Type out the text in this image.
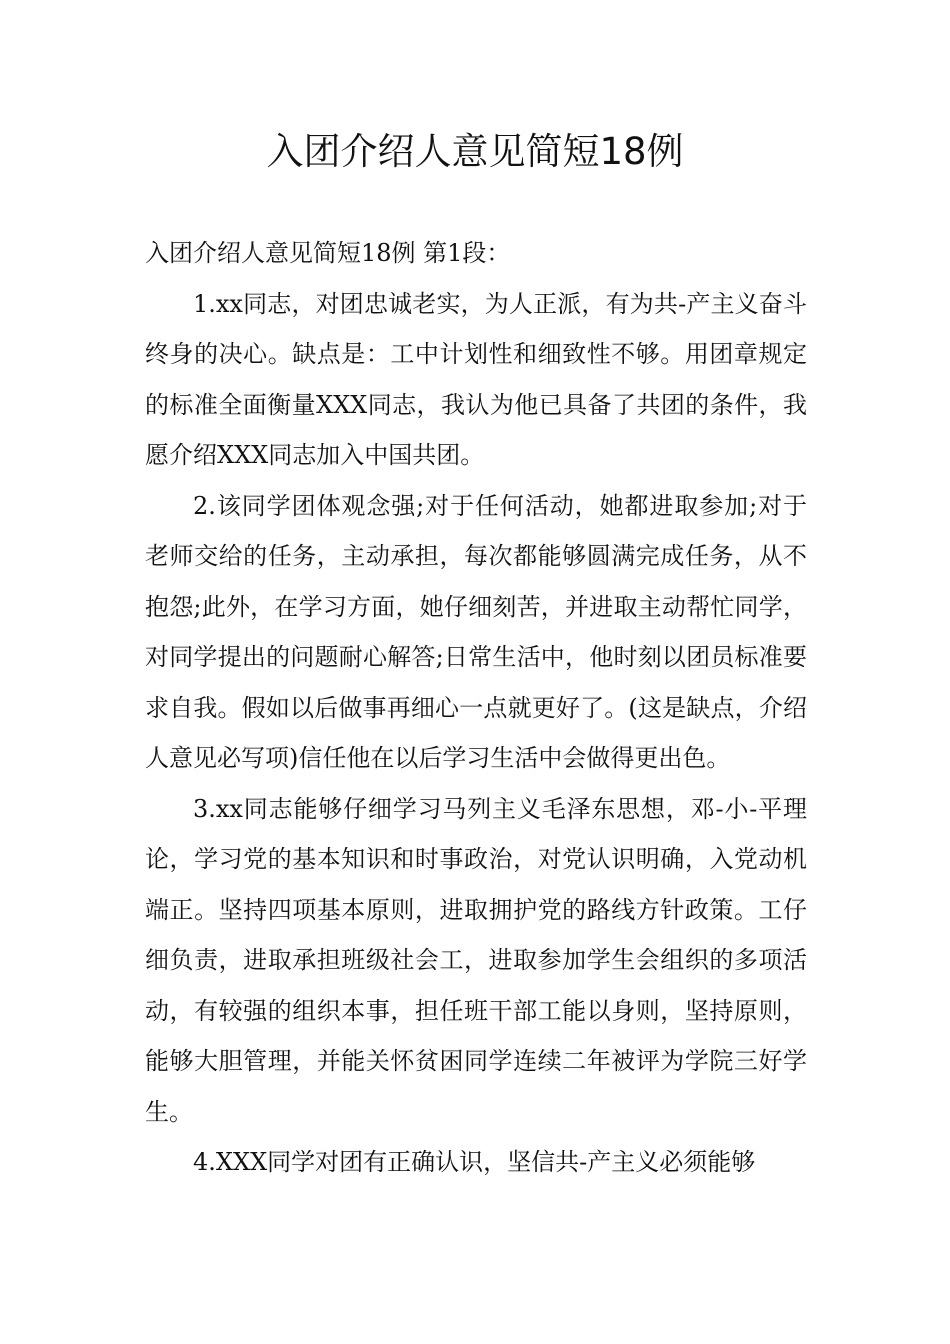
入团介绍人意见简短18例

入团介绍人意见简短18例 第1段：

1.xx同志，对团忠诚老实，为人正派，有为共-产主义奋斗终身的决心。缺点是：工中计划性和细致性不够。用团章规定的标准全面衡量XXX同志，我认为他已具备了共团的条件，我愿介绍XXX同志加入中国共团。

2.该同学团体观念强;对于任何活动，她都进取参加;对于老师交给的任务，主动承担，每次都能够圆满完成任务，从不抱怨;此外，在学习方面，她仔细刻苦，并进取主动帮忙同学，对同学提出的问题耐心解答;日常生活中，他时刻以团员标准要求自我。假如以后做事再细心一点就更好了。(这是缺点，介绍人意见必写项)信任他在以后学习生活中会做得更出色。

3.xx同志能够仔细学习马列主义毛泽东思想，邓-小-平理论，学习党的基本知识和时事政治，对党认识明确，入党动机端正。坚持四项基本原则，进取拥护党的路线方针政策。工仔细负责，进取承担班级社会工，进取参加学生会组织的多项活动，有较强的组织本事，担任班干部工能以身则，坚持原则，能够大胆管理，并能关怀贫困同学连续二年被评为学院三好学生。

4.XXX同学对团有正确认识，坚信共-产主义必须能够
